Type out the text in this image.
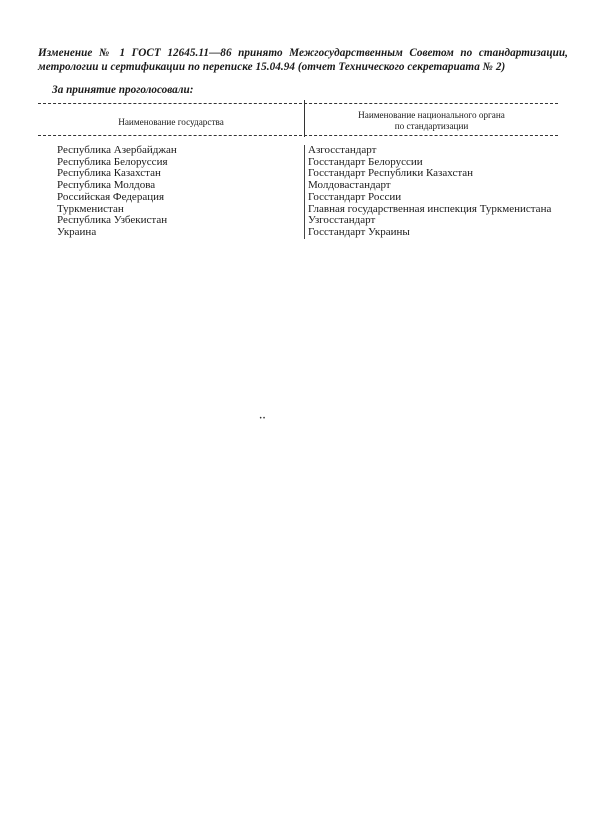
Изменение № 1 ГОСТ 12645.11—86 принято Межгосударственным Советом по стандартизации, метрологии и сертификации по переписке 15.04.94 (отчет Технического секретариата № 2)
За принятие проголосовали:
Наименование государства
Наименование национального органа
по стандартизации
Республика Азербайджан
Республика Белоруссия
Республика Казахстан
Республика Молдова
Российская Федерация
Туркменистан
Республика Узбекистан
Украина
Азгосстандарт
Госстандарт Белоруссии
Госстандарт Республики Казахстан
Молдовастандарт
Госстандарт России
Главная государственная инспекция Туркменистана
Узгосстандарт
Госстандарт Украины
··
